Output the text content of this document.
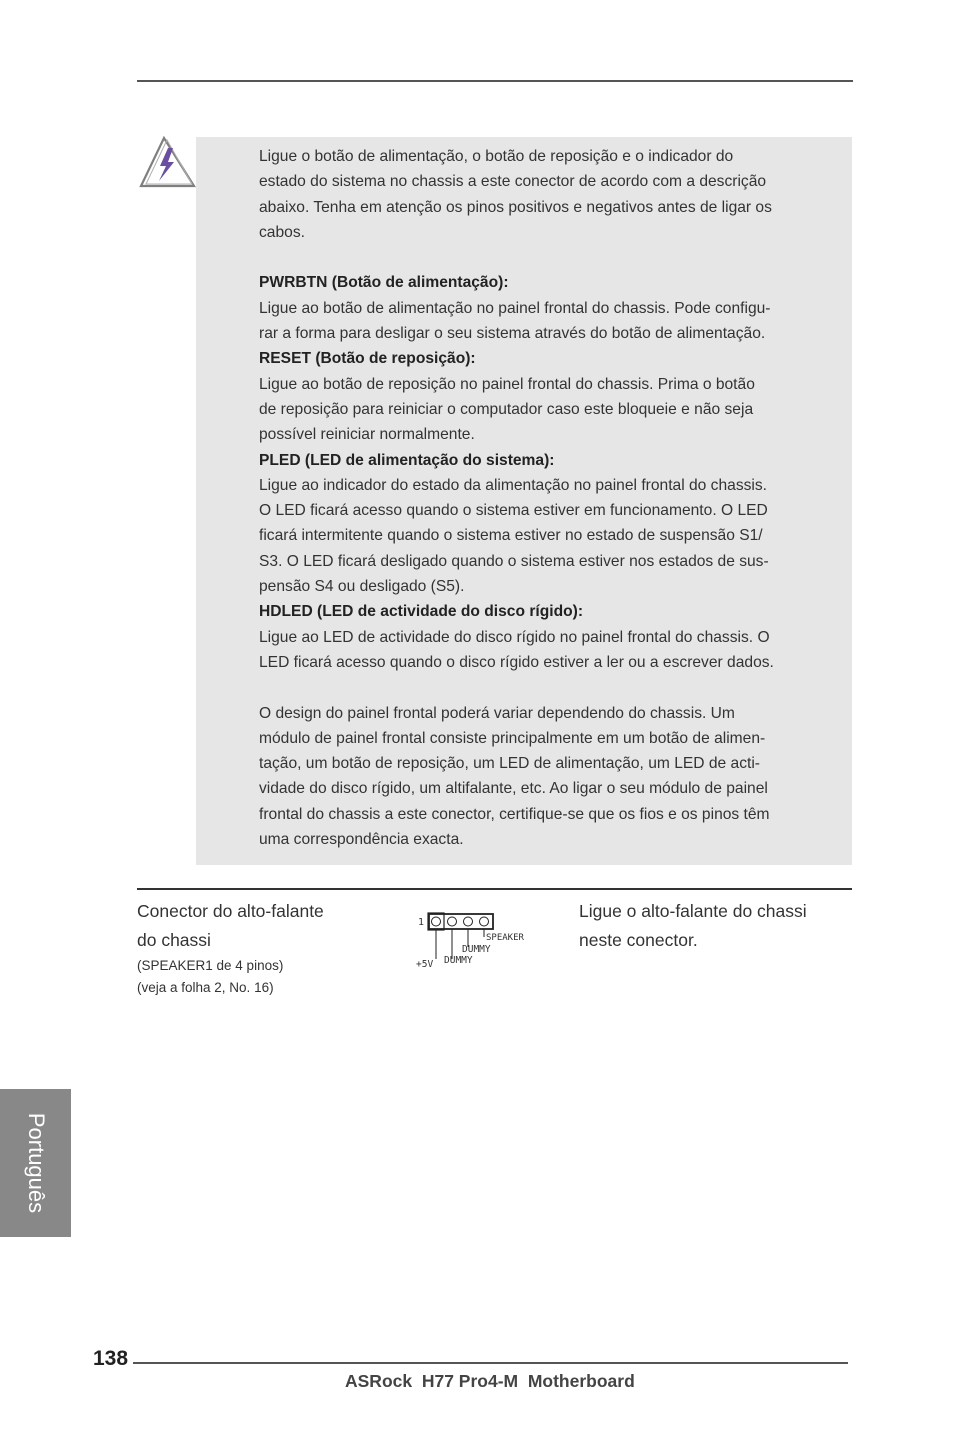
Ligue o botão de alimentação, o botão de reposição e o indicador do

estado do sistema no chassis a este conector de acordo com a descrição

abaixo. Tenha em atenção os pinos positivos e negativos antes de ligar os

cabos.

PWRBTN (Botão de alimentação):

Ligue ao botão de alimentação no painel frontal do chassis. Pode configu-

rar a forma para desligar o seu sistema através do botão de alimentação.

RESET (Botão de reposição):

Ligue ao botão de reposição no painel frontal do chassis. Prima o botão

de reposição para reiniciar o computador caso este bloqueie e não seja

possível reiniciar normalmente.

PLED (LED de alimentação do sistema):

Ligue ao indicador do estado da alimentação no painel frontal do chassis.

O LED ficará acesso quando o sistema estiver em funcionamento. O LED

ficará intermitente quando o sistema estiver no estado de suspensão S1/

S3. O LED ficará desligado quando o sistema estiver nos estados de sus-

pensão S4 ou desligado (S5).

HDLED (LED de actividade do disco rígido):

Ligue ao LED de actividade do disco rígido no painel frontal do chassis. O

LED ficará acesso quando o disco rígido estiver a ler ou a escrever dados.

O design do painel frontal poderá variar dependendo do chassis. Um

módulo de painel frontal consiste principalmente em um botão de alimen-

tação, um botão de reposição, um LED de alimentação, um LED de acti-

vidade do disco rígido, um altifalante, etc. Ao ligar o seu módulo de painel

frontal do chassis a este conector, certifique-se que os fios e os pinos têm

uma correspondência exacta.

Conector do alto-falante

do chassi

(SPEAKER1 de 4 pinos)

(veja a folha 2, No. 16)

1
SPEAKER
DUMMY
DUMMY
+5V

Ligue o alto-falante do chassi

neste conector.

Português
138
ASRock  H77 Pro4-M  Motherboard
